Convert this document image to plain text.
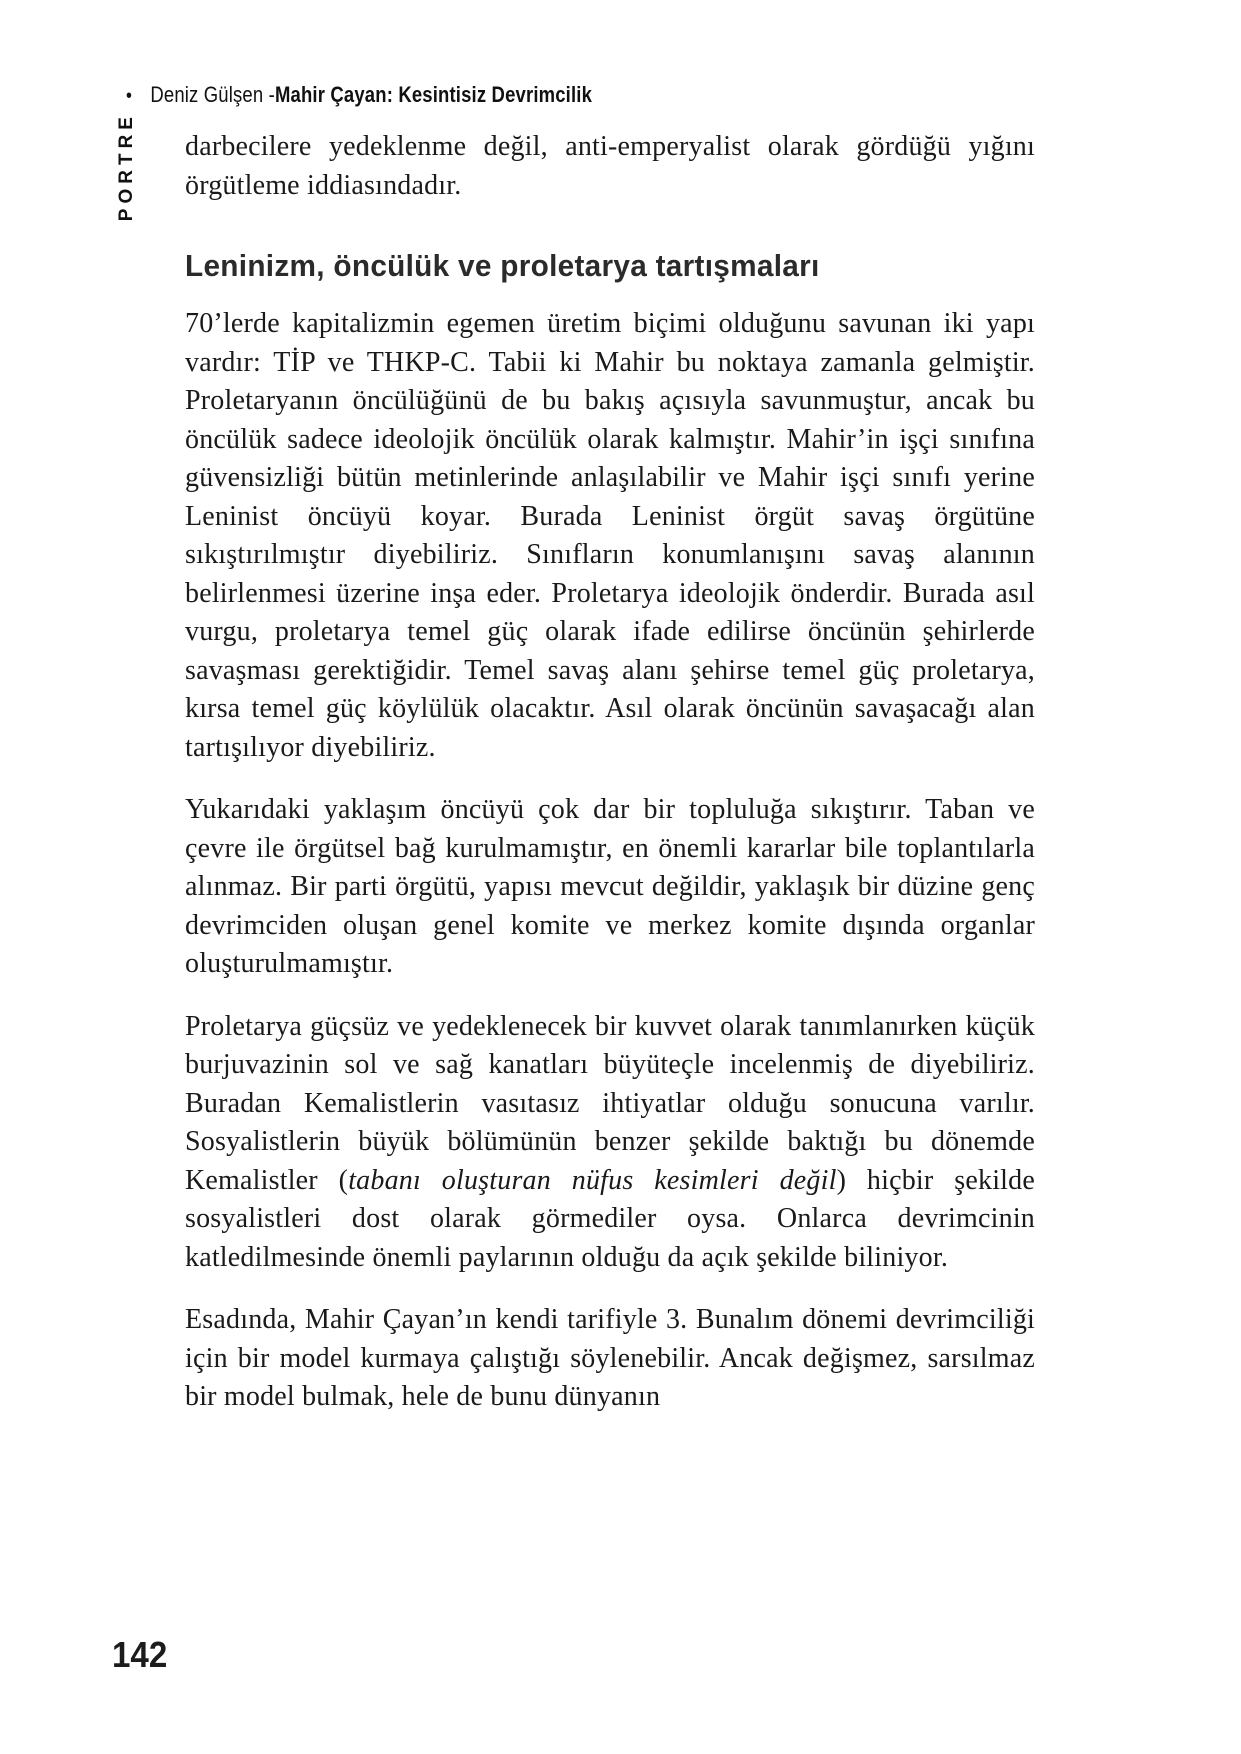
• Deniz Gülşen - Mahir Çayan: Kesintisiz Devrimcilik
PORTRE darbecilere yedeklenme değil, anti-emperyalist olarak gördüğü yığını örgütleme iddiasındadır.

Leninizm, öncülük ve proletarya tartışmaları

70’lerde kapitalizmin egemen üretim biçimi olduğunu savunan iki yapı vardır: TİP ve THKP-C. Tabii ki Mahir bu noktaya zamanla gelmiştir. Proletaryanın öncülüğünü de bu bakış açısıyla savunmuştur, ancak bu öncülük sadece ideolojik öncülük olarak kalmıştır. Mahir’in işçi sınıfına güvensizliği bütün metinlerinde anlaşılabilir ve Mahir işçi sınıfı yerine Leninist öncüyü koyar. Burada Leninist örgüt savaş örgütüne sıkıştırılmıştır diyebiliriz. Sınıfların konumlanışını savaş alanının belirlenmesi üzerine inşa eder. Proletarya ideolojik önderdir. Burada asıl vurgu, proletarya temel güç olarak ifade edilirse öncünün şehirlerde savaşması gerektiğidir. Temel savaş alanı şehirse temel güç proletarya, kırsa temel güç köylülük olacaktır. Asıl olarak öncünün savaşacağı alan tartışılıyor diyebiliriz.

Yukarıdaki yaklaşım öncüyü çok dar bir topluluğa sıkıştırır. Taban ve çevre ile örgütsel bağ kurulmamıştır, en önemli kararlar bile toplantılarla alınmaz. Bir parti örgütü, yapısı mevcut değildir, yaklaşık bir düzine genç devrimciden oluşan genel komite ve merkez komite dışında organlar oluşturulmamıştır.

Proletarya güçsüz ve yedeklenecek bir kuvvet olarak tanımlanırken küçük burjuvazinin sol ve sağ kanatları büyüteçle incelenmiş de diyebiliriz. Buradan Kemalistlerin vasıtasız ihtiyatlar olduğu sonucuna varılır. Sosyalistlerin büyük bölümünün benzer şekilde baktığı bu dönemde Kemalistler (tabanı oluşturan nüfus kesimleri değil) hiçbir şekilde sosyalistleri dost olarak görmediler oysa. Onlarca devrimcinin katledilmesinde önemli paylarının olduğu da açık şekilde biliniyor.

Esadında, Mahir Çayan’ın kendi tarifiyle 3. Bunalım dönemi devrimciliği için bir model kurmaya çalıştığı söylenebilir. Ancak değişmez, sarsılmaz bir model bulmak, hele de bunu dünyanın

142
